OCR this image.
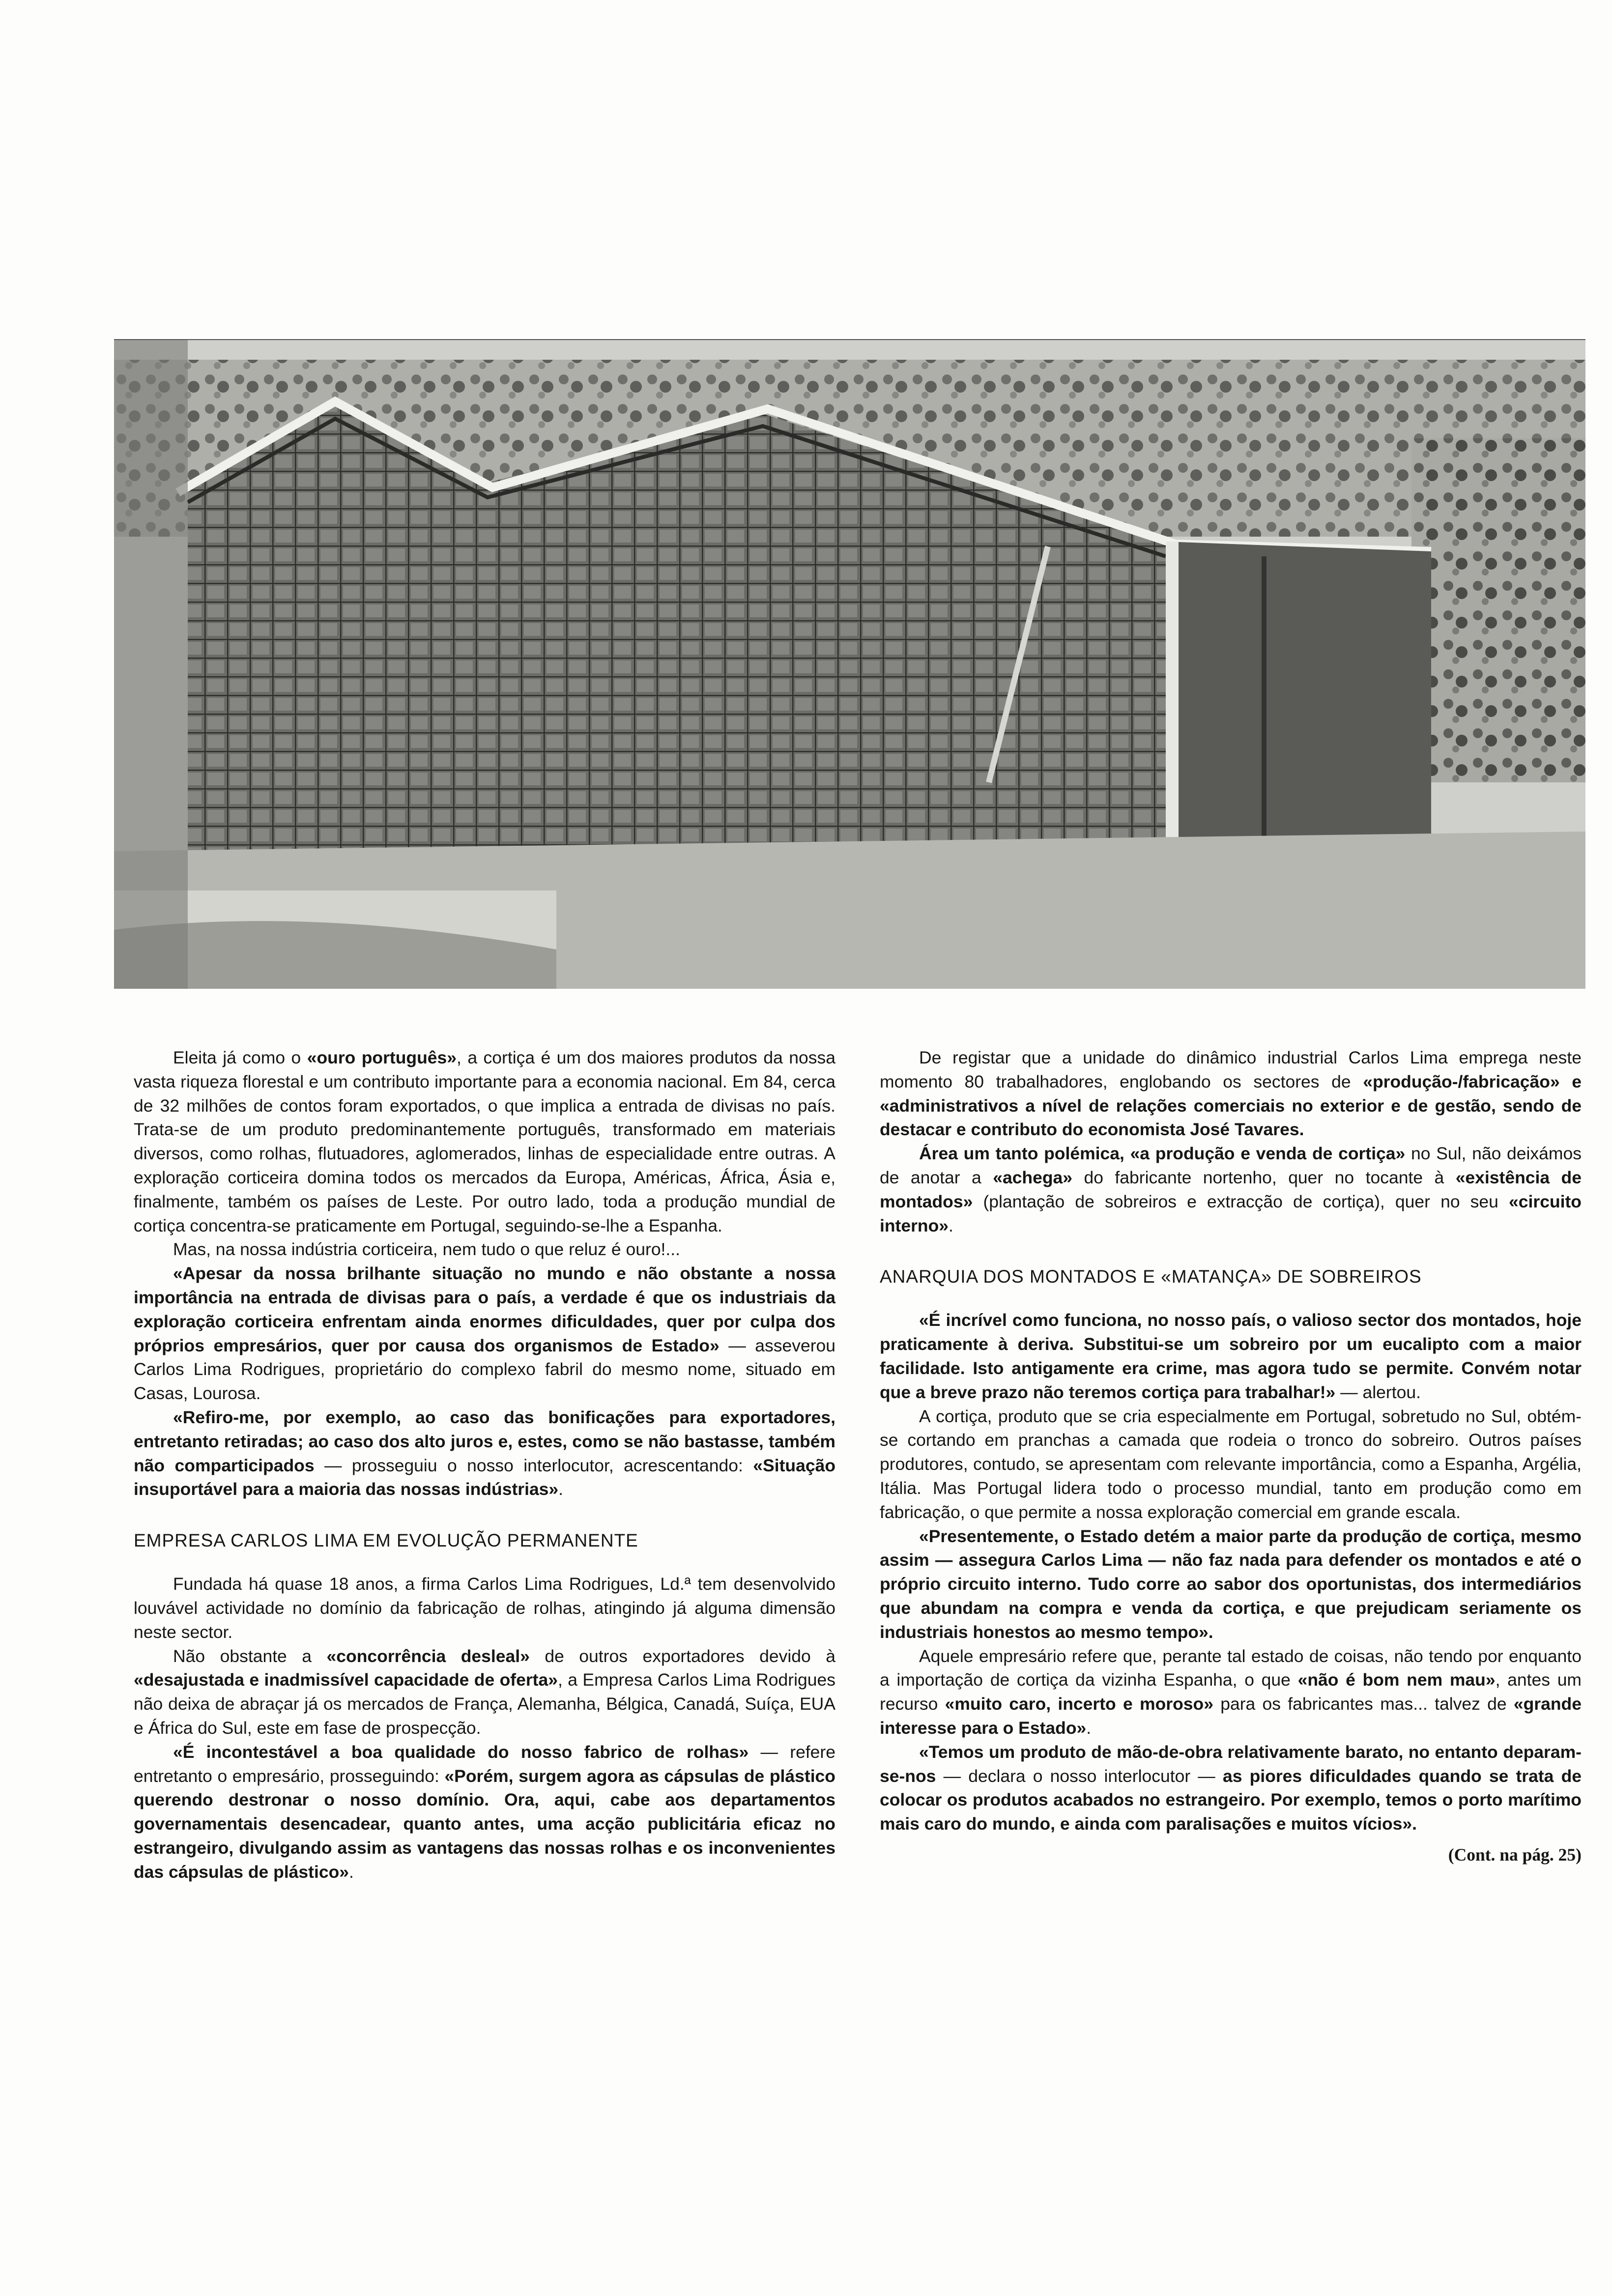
Eleita já como o «ouro português», a cortiça é um dos maiores produtos da nossa vasta riqueza florestal e um contributo importante para a economia nacional. Em 84, cerca de 32 milhões de contos foram exportados, o que implica a entrada de divisas no país. Trata-se de um produto predominantemente português, transformado em materiais diversos, como rolhas, flutuadores, aglomerados, linhas de especialidade entre outras. A exploração corticeira domina todos os mercados da Europa, Américas, África, Ásia e, finalmente, também os países de Leste. Por outro lado, toda a produção mundial de cortiça concentra-se praticamente em Portugal, seguindo-se-lhe a Espanha.

Mas, na nossa indústria corticeira, nem tudo o que reluz é ouro!...

«Apesar da nossa brilhante situação no mundo e não obstante a nossa importância na entrada de divisas para o país, a verdade é que os industriais da exploração corticeira enfrentam ainda enormes dificuldades, quer por culpa dos próprios empresários, quer por causa dos organismos de Estado» — asseverou Carlos Lima Rodrigues, proprietário do complexo fabril do mesmo nome, situado em Casas, Lourosa.

«Refiro-me, por exemplo, ao caso das bonificações para exportadores, entretanto retiradas; ao caso dos alto juros e, estes, como se não bastasse, também não comparticipados — prosseguiu o nosso interlocutor, acrescentando: «Situação insuportável para a maioria das nossas indústrias».

EMPRESA CARLOS LIMA EM EVOLUÇÃO PERMANENTE

Fundada há quase 18 anos, a firma Carlos Lima Rodrigues, Ld.ª tem desenvolvido louvável actividade no domínio da fabricação de rolhas, atingindo já alguma dimensão neste sector.

Não obstante a «concorrência desleal» de outros exportadores devido à «desajustada e inadmissível capacidade de oferta», a Empresa Carlos Lima Rodrigues não deixa de abraçar já os mercados de França, Alemanha, Bélgica, Canadá, Suíça, EUA e África do Sul, este em fase de prospecção.

«É incontestável a boa qualidade do nosso fabrico de rolhas» — refere entretanto o empresário, prosseguindo: «Porém, surgem agora as cápsulas de plástico querendo destronar o nosso domínio. Ora, aqui, cabe aos departamentos governamentais desencadear, quanto antes, uma acção publicitária eficaz no estrangeiro, divulgando assim as vantagens das nossas rolhas e os inconvenientes das cápsulas de plástico».

De registar que a unidade do dinâmico industrial Carlos Lima emprega neste momento 80 trabalhadores, englobando os sectores de «produção-/fabricação» e «administrativos a nível de relações comerciais no exterior e de gestão, sendo de destacar e contributo do economista José Tavares.

Área um tanto polémica, «a produção e venda de cortiça» no Sul, não deixámos de anotar a «achega» do fabricante nortenho, quer no tocante à «existência de montados» (plantação de sobreiros e extracção de cortiça), quer no seu «circuito interno».

ANARQUIA DOS MONTADOS E «MATANÇA» DE SOBREIROS

«É incrível como funciona, no nosso país, o valioso sector dos montados, hoje praticamente à deriva. Substitui-se um sobreiro por um eucalipto com a maior facilidade. Isto antigamente era crime, mas agora tudo se permite. Convém notar que a breve prazo não teremos cortiça para trabalhar!» — alertou.

A cortiça, produto que se cria especialmente em Portugal, sobretudo no Sul, obtém-se cortando em pranchas a camada que rodeia o tronco do sobreiro. Outros países produtores, contudo, se apresentam com relevante importância, como a Espanha, Argélia, Itália. Mas Portugal lidera todo o processo mundial, tanto em produção como em fabricação, o que permite a nossa exploração comercial em grande escala.

«Presentemente, o Estado detém a maior parte da produção de cortiça, mesmo assim — assegura Carlos Lima — não faz nada para defender os montados e até o próprio circuito interno. Tudo corre ao sabor dos oportunistas, dos intermediários que abundam na compra e venda da cortiça, e que prejudicam seriamente os industriais honestos ao mesmo tempo».

Aquele empresário refere que, perante tal estado de coisas, não tendo por enquanto a importação de cortiça da vizinha Espanha, o que «não é bom nem mau», antes um recurso «muito caro, incerto e moroso» para os fabricantes mas... talvez de «grande interesse para o Estado».

«Temos um produto de mão-de-obra relativamente barato, no entanto deparam-se-nos — declara o nosso interlocutor — as piores dificuldades quando se trata de colocar os produtos acabados no estrangeiro. Por exemplo, temos o porto marítimo mais caro do mundo, e ainda com paralisações e muitos vícios».

(Cont. na pág. 25)
